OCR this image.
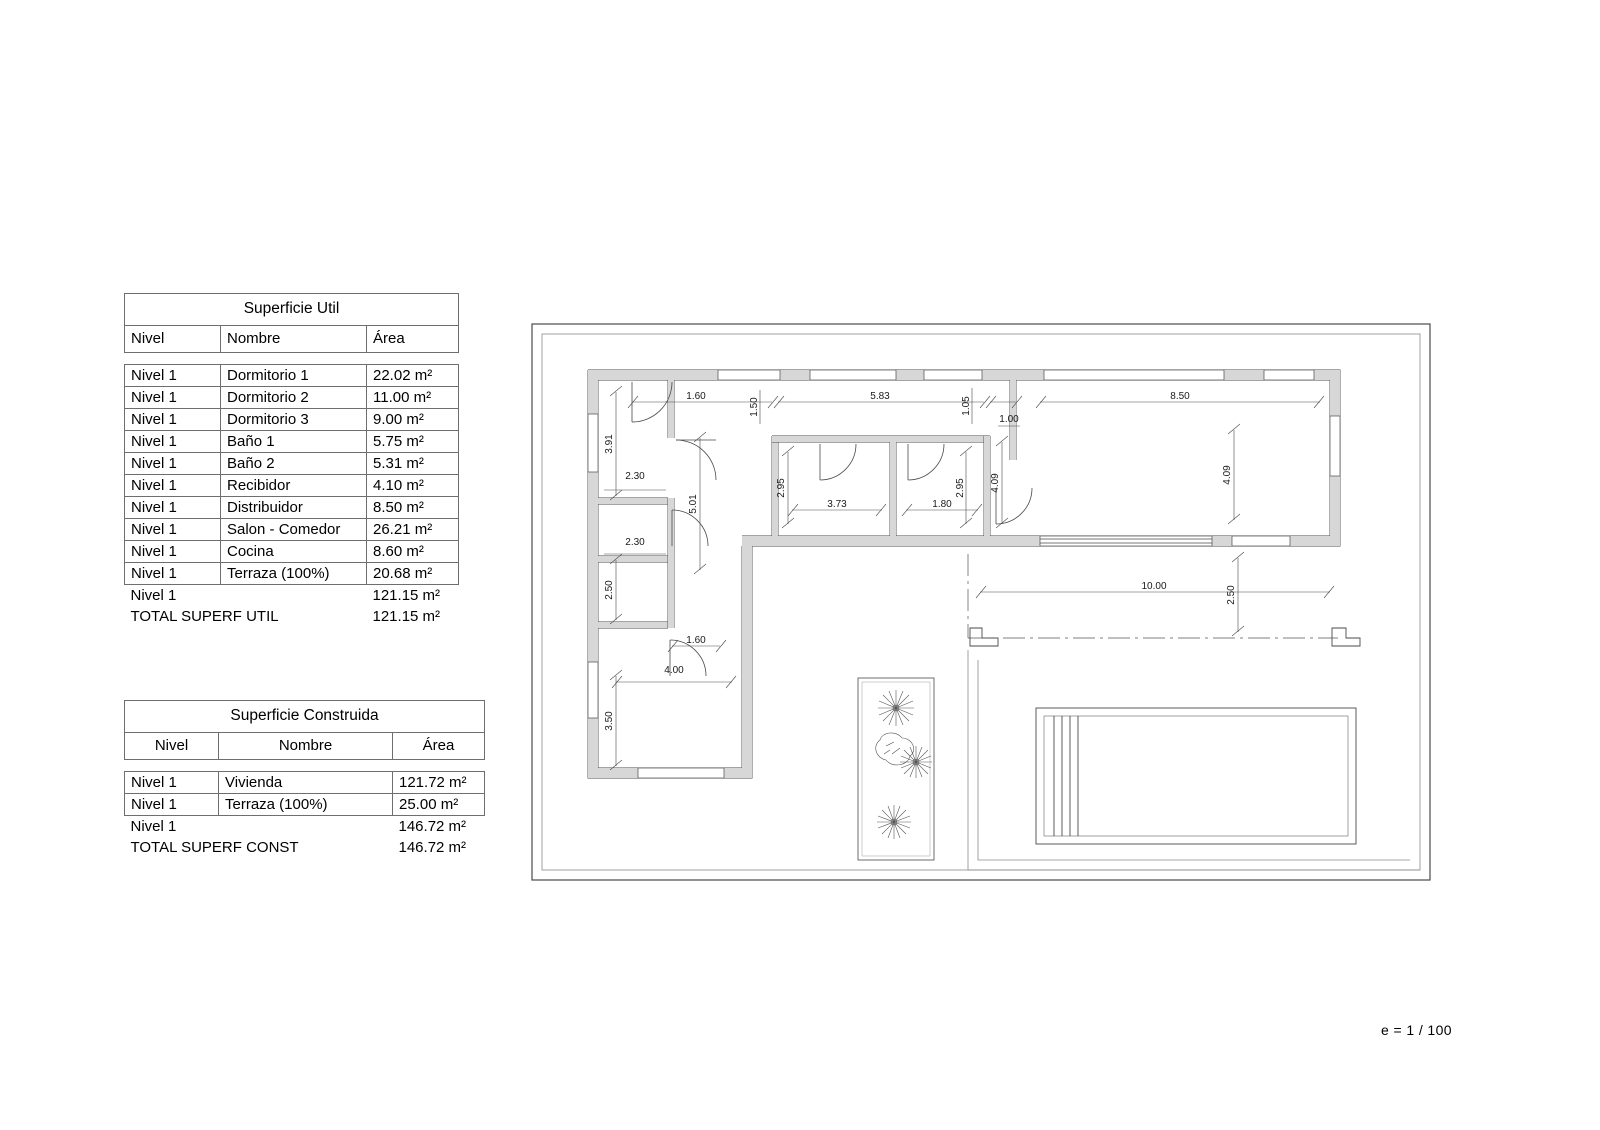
Superficie Util		
Nivel	Nombre	Área

Nivel 1	Dormitorio 1	22.02 m²
Nivel 1	Dormitorio 2	11.00 m²
Nivel 1	Dormitorio 3	9.00 m²
Nivel 1	Baño 1	5.75 m²
Nivel 1	Baño 2	5.31 m²
Nivel 1	Recibidor	4.10 m²
Nivel 1	Distribuidor	8.50 m²
Nivel 1	Salon - Comedor	26.21 m²
Nivel 1	Cocina	8.60 m²
Nivel 1	Terraza (100%)	20.68 m²
Nivel 1		121.15 m²
TOTAL SUPERF UTIL		121.15 m²
Superficie Construida		
Nivel	Nombre	Área

Nivel 1	Vivienda	121.72 m²
Nivel 1	Terraza (100%)	25.00 m²
Nivel 1		146.72 m²
TOTAL SUPERF CONST		146.72 m²
1.60	5.83	8.50
10.00
2.30
2.30
1.60
4.00
3.73	1.80
1.00
3.91
2.50
3.50
5.01
1.50	1.05
2.95	2.95 4.09	4.09
2.50
e = 1 / 100
